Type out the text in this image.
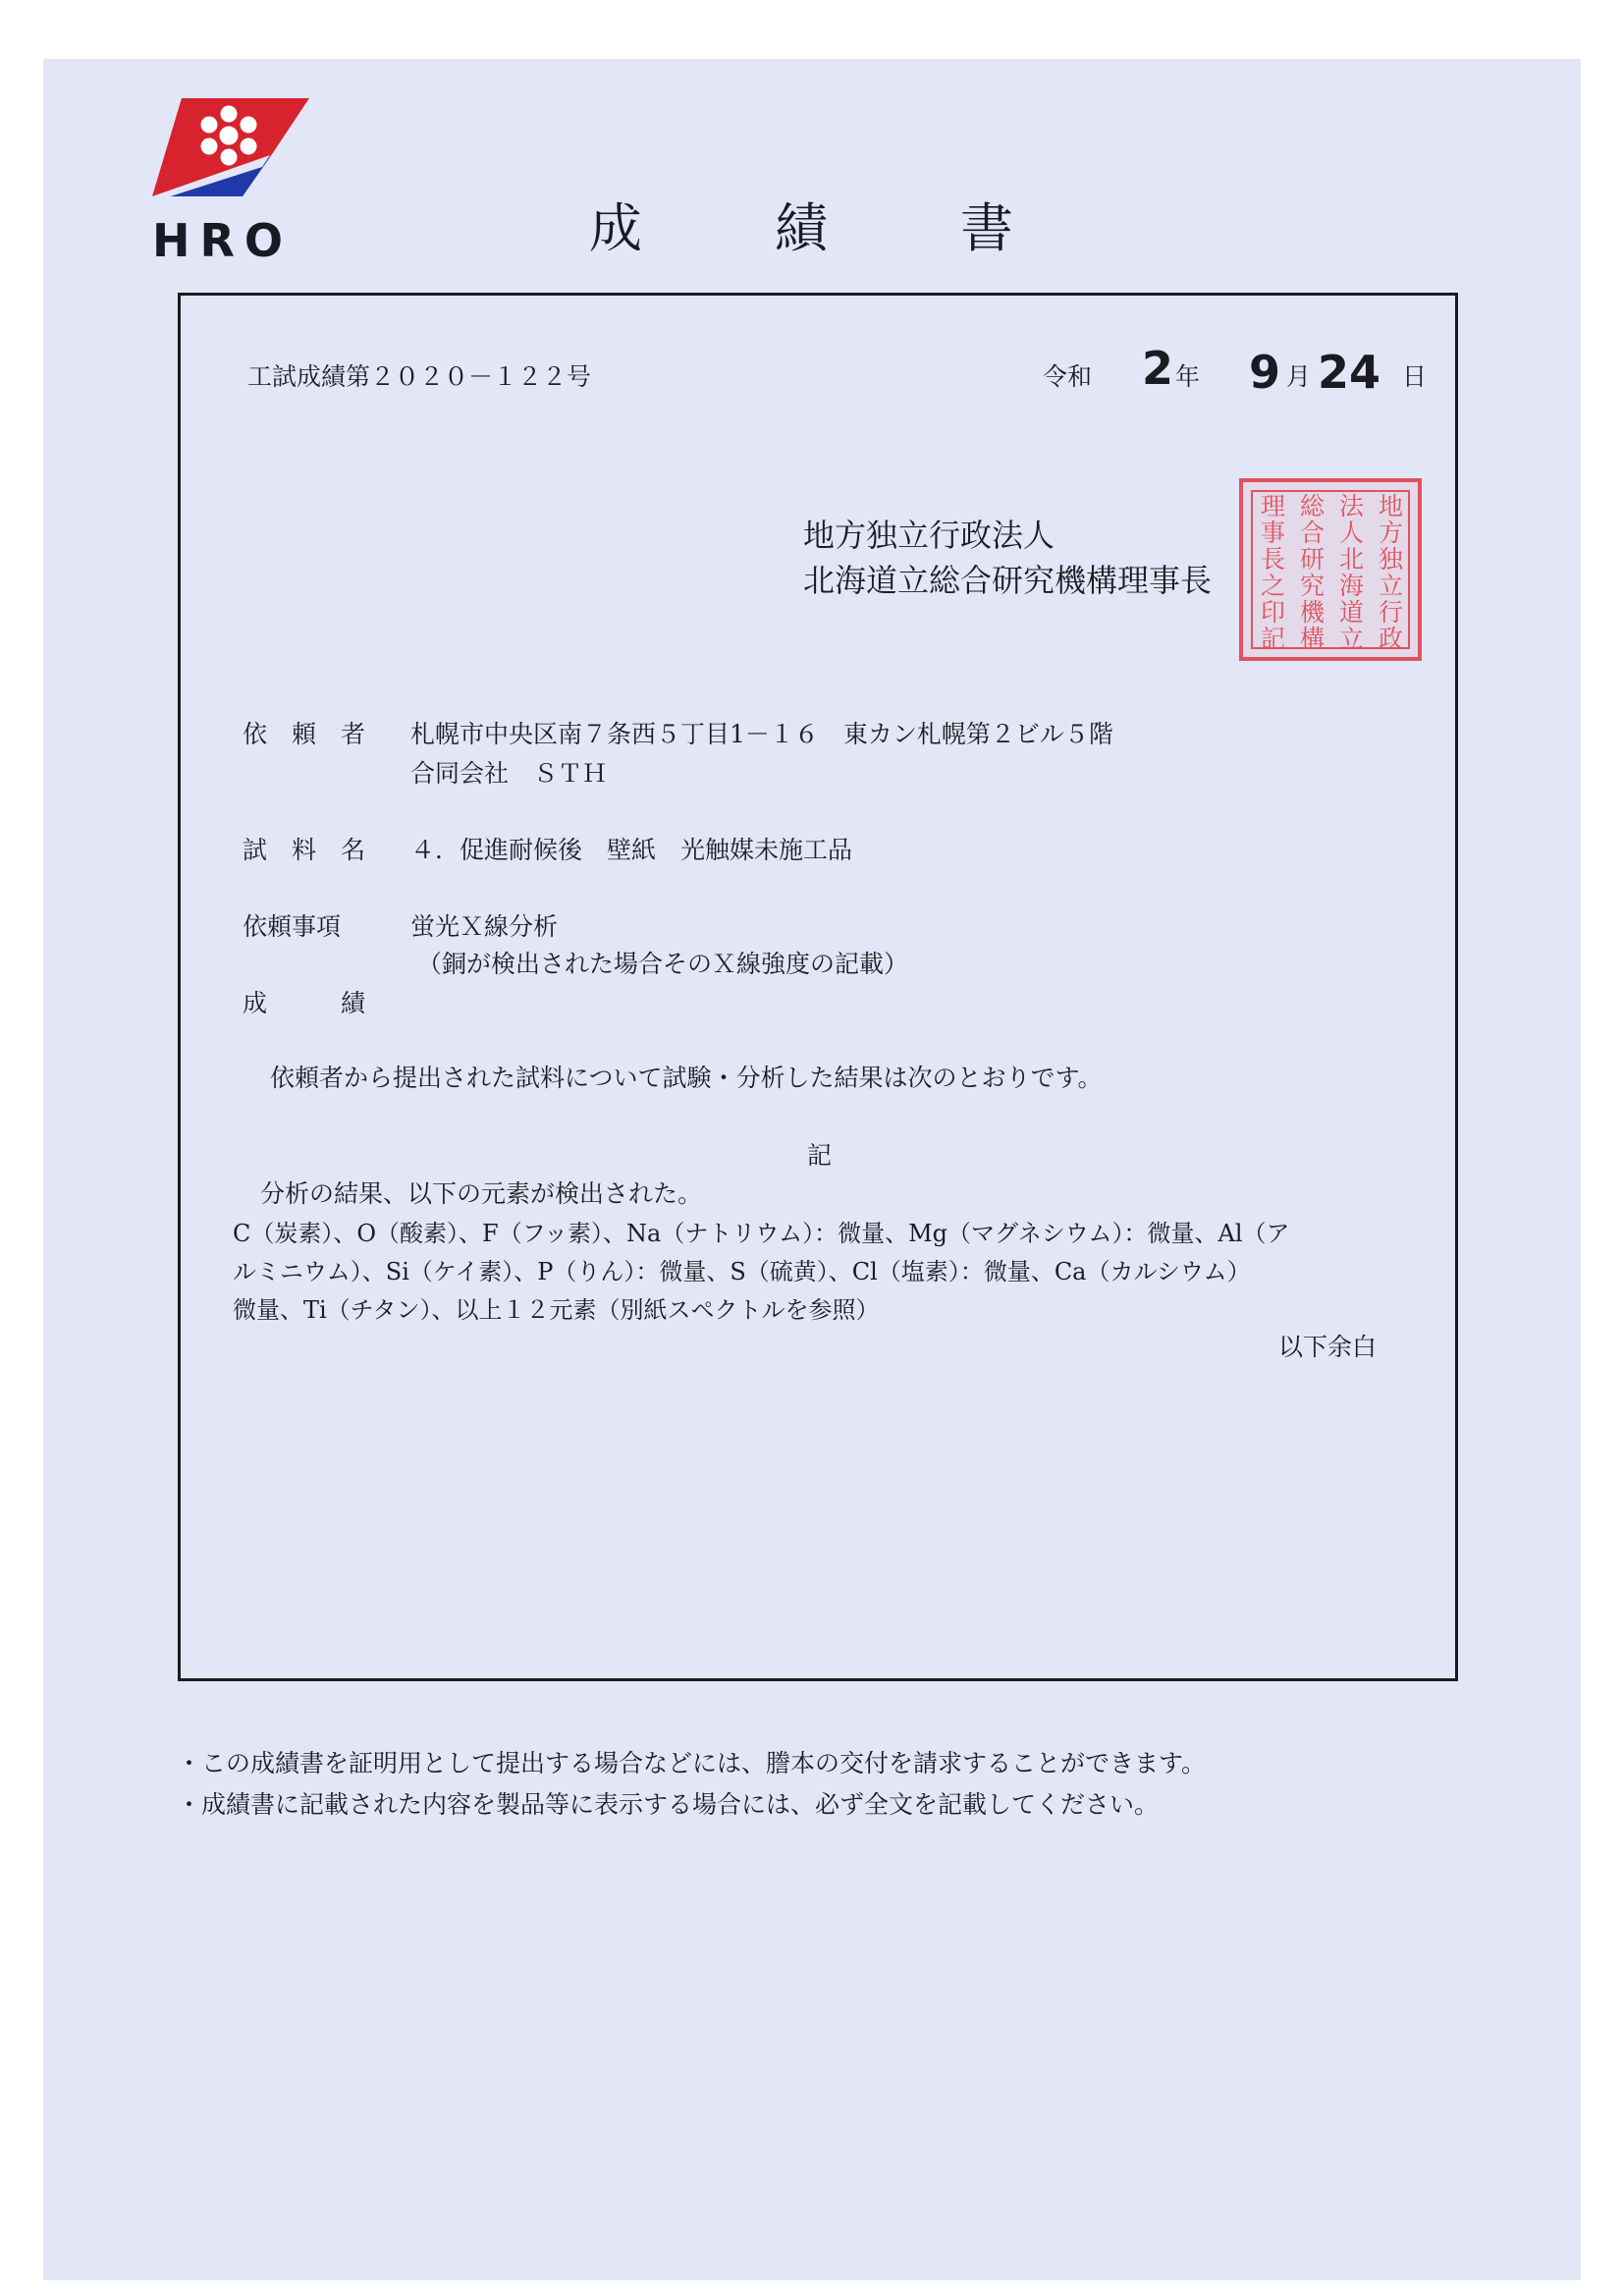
HRO	成績書
工試成績第２０２０－１２２号	令和 2 年 9 月 24 日
地方独立行政法人
北海道立総合研究機構理事長
地
方
独
立
行
政
法
人
北
海
道
立
総
合
研
究
機
構
理
事
長
之
印
記
依　頼　者 札幌市中央区南７条西５丁目1－１６　東カン札幌第２ビル５階
合同会社　ＳＴＨ
試　料　名 ４．促進耐候後　壁紙　光触媒未施工品
依頼事項	蛍光Ｘ線分析
（銅が検出された場合そのＸ線強度の記載）
成　　　績
依頼者から提出された試料について試験・分析した結果は次のとおりです。
記
分析の結果、以下の元素が検出された。
C（炭素）、O（酸素）、F（フッ素）、Na（ナトリウム）：微量、Mg（マグネシウム）：微量、Al（ア
ルミニウム）、Si（ケイ素）、P（りん）：微量、S（硫黄）、Cl（塩素）：微量、Ca（カルシウム）
微量、Ti（チタン）、以上１２元素（別紙スペクトルを参照）
以下余白
・この成績書を証明用として提出する場合などには、謄本の交付を請求することができます。
・成績書に記載された内容を製品等に表示する場合には、必ず全文を記載してください。
